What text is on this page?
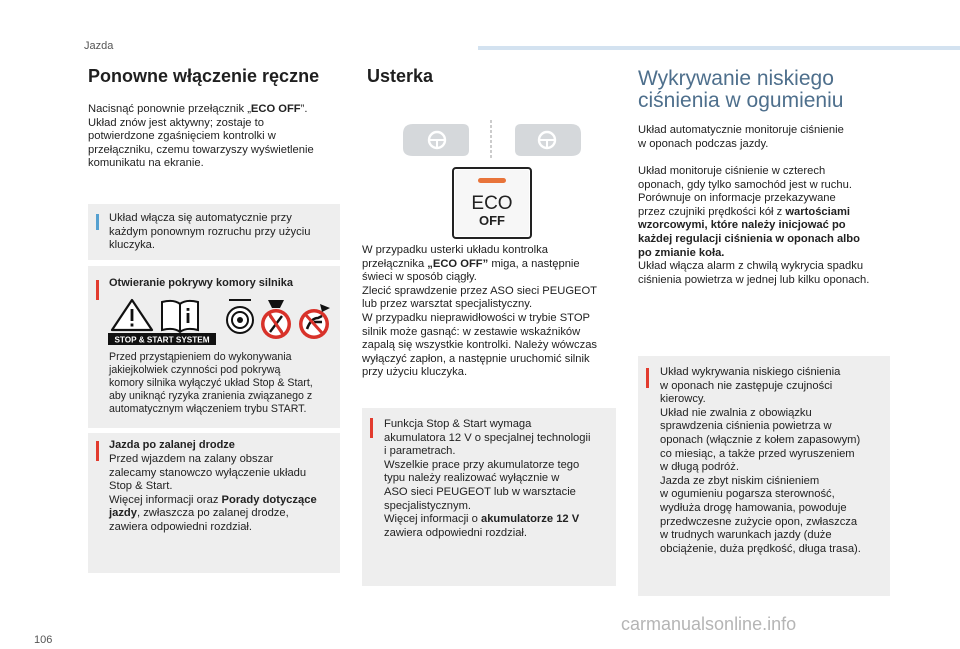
Jazda
Ponowne włączenie ręczne
Nacisnąć ponownie przełącznik „ECO OFF”.
Układ znów jest aktywny; zostaje to
potwierdzone zgaśnięciem kontrolki w
przełączniku, czemu towarzyszy wyświetlenie
komunikatu na ekranie.
Układ włącza się automatycznie przy
każdym ponownym rozruchu przy użyciu
kluczyka.
Otwieranie pokrywy komory silnika
Przed przystąpieniem do wykonywania
jakiejkolwiek czynności pod pokrywą
komory silnika wyłączyć układ Stop & Start,
aby uniknąć ryzyka zranienia związanego z
automatycznym włączeniem trybu START.
STOP & START SYSTEM
Jazda po zalanej drodze
Przed wjazdem na zalany obszar
zalecamy stanowczo wyłączenie układu
Stop & Start.
Więcej informacji oraz Porady dotyczące
jazdy, zwłaszcza po zalanej drodze,
zawiera odpowiedni rozdział.
Usterka
ECO
OFF
W przypadku usterki układu kontrolka
przełącznika „ECO OFF” miga, a następnie
świeci w sposób ciągły.
Zlecić sprawdzenie przez ASO sieci PEUGEOT
lub przez warsztat specjalistyczny.
W przypadku nieprawidłowości w trybie STOP
silnik może gasnąć: w zestawie wskaźników
zapalą się wszystkie kontrolki. Należy wówczas
wyłączyć zapłon, a następnie uruchomić silnik
przy użyciu kluczyka.
Funkcja Stop & Start wymaga
akumulatora 12 V o specjalnej technologii
i parametrach.
Wszelkie prace przy akumulatorze tego
typu należy realizować wyłącznie w
ASO sieci PEUGEOT lub w warsztacie
specjalistycznym.
Więcej informacji o akumulatorze 12 V
zawiera odpowiedni rozdział.
Wykrywanie niskiego
ciśnienia w ogumieniu
Układ automatycznie monitoruje ciśnienie
w oponach podczas jazdy.
Układ monitoruje ciśnienie w czterech
oponach, gdy tylko samochód jest w ruchu.
Porównuje on informacje przekazywane
przez czujniki prędkości kół z wartościami
wzorcowymi, które należy inicjować po
każdej regulacji ciśnienia w oponach albo
po zmianie koła.
Układ włącza alarm z chwilą wykrycia spadku
ciśnienia powietrza w jednej lub kilku oponach.
Układ wykrywania niskiego ciśnienia
w oponach nie zastępuje czujności
kierowcy.
Układ nie zwalnia z obowiązku
sprawdzenia ciśnienia powietrza w
oponach (włącznie z kołem zapasowym)
co miesiąc, a także przed wyruszeniem
w długą podróż.
Jazda ze zbyt niskim ciśnieniem
w ogumieniu pogarsza sterowność,
wydłuża drogę hamowania, powoduje
przedwczesne zużycie opon, zwłaszcza
w trudnych warunkach jazdy (duże
obciążenie, duża prędkość, długa trasa).
106
carmanualsonline.info
